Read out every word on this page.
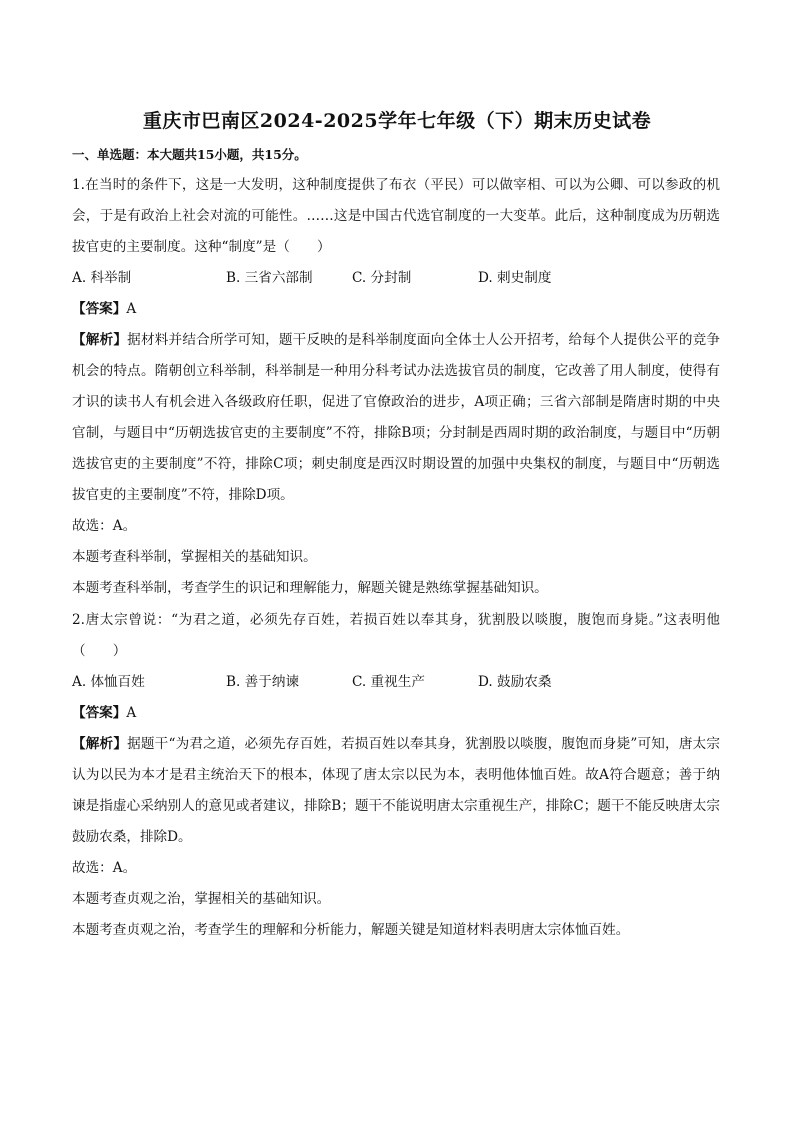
重庆市巴南区2024-2025学年七年级（下）期末历史试卷
一、单选题：本大题共15小题，共15分。

1.在当时的条件下，这是一大发明，这种制度提供了布衣（平民）可以做宰相、可以为公卿、可以参政的机会，于是有政治上社会对流的可能性。……这是中国古代选官制度的一大变革。此后，这种制度成为历朝选拔官吏的主要制度。这种“制度”是（　　）

A. 科举制	B. 三省六部制	C. 分封制	D. 刺史制度

【答案】A

【解析】据材料并结合所学可知，题干反映的是科举制度面向全体士人公开招考，给每个人提供公平的竞争机会的特点。隋朝创立科举制，科举制是一种用分科考试办法选拔官员的制度，它改善了用人制度，使得有才识的读书人有机会进入各级政府任职，促进了官僚政治的进步，A项正确；三省六部制是隋唐时期的中央官制，与题目中“历朝选拔官吏的主要制度”不符，排除B项；分封制是西周时期的政治制度，与题目中“历朝选拔官吏的主要制度”不符，排除C项；刺史制度是西汉时期设置的加强中央集权的制度，与题目中“历朝选拔官吏的主要制度”不符，排除D项。

故选：A。

本题考查科举制，掌握相关的基础知识。

本题考查科举制，考查学生的识记和理解能力，解题关键是熟练掌握基础知识。

2.唐太宗曾说：“为君之道，必须先存百姓，若损百姓以奉其身，犹割股以啖腹，腹饱而身毙。”这表明他（　　）

A. 体恤百姓	B. 善于纳谏	C. 重视生产	D. 鼓励农桑

【答案】A

【解析】据题干“为君之道，必须先存百姓，若损百姓以奉其身，犹割股以啖腹，腹饱而身毙”可知，唐太宗认为以民为本才是君主统治天下的根本，体现了唐太宗以民为本，表明他体恤百姓。故A符合题意；善于纳谏是指虚心采纳别人的意见或者建议，排除B；题干不能说明唐太宗重视生产，排除C；题干不能反映唐太宗鼓励农桑，排除D。

故选：A。

本题考查贞观之治，掌握相关的基础知识。

本题考查贞观之治，考查学生的理解和分析能力，解题关键是知道材料表明唐太宗体恤百姓。
